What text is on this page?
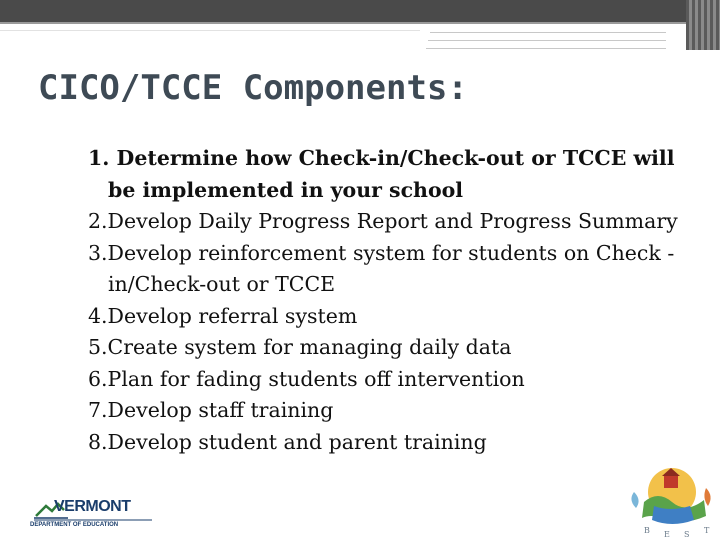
CICO/TCCE Components:
1. Determine how Check-in/Check-out or TCCE will be implemented in your school
2.Develop Daily Progress Report and Progress Summary
3.Develop reinforcement system for students on Check -in/Check-out or TCCE
4.Develop referral system
5.Create system for managing daily data
6.Plan for fading students off intervention
7.Develop staff training
8.Develop student and parent training
VERMONT
DEPARTMENT OF EDUCATION
B E S T
